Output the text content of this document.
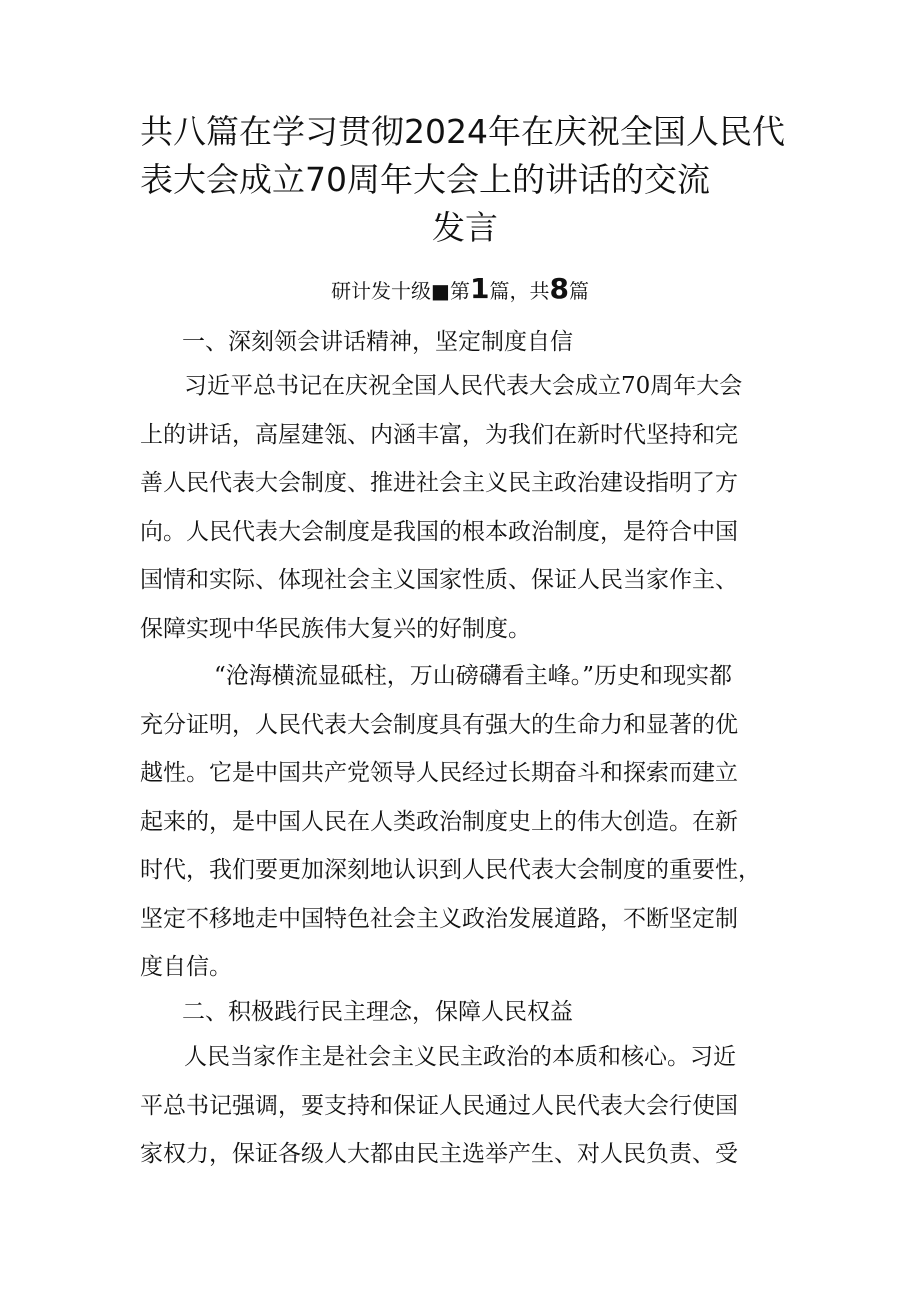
共八篇在学习贯彻2024年在庆祝全国人民代
表大会成立70周年大会上的讲话的交流
发言
研计发十级■第1篇，共8篇
一、深刻领会讲话精神，坚定制度自信

习近平总书记在庆祝全国人民代表大会成立70周年大会
上的讲话，高屋建瓴、内涵丰富，为我们在新时代坚持和完
善人民代表大会制度、推进社会主义民主政治建设指明了方
向。人民代表大会制度是我国的根本政治制度，是符合中国
国情和实际、体现社会主义国家性质、保证人民当家作主、
保障实现中华民族伟大复兴的好制度。

“沧海横流显砥柱，万山磅礴看主峰。”历史和现实都
充分证明，人民代表大会制度具有强大的生命力和显著的优
越性。它是中国共产党领导人民经过长期奋斗和探索而建立
起来的，是中国人民在人类政治制度史上的伟大创造。在新
时代，我们要更加深刻地认识到人民代表大会制度的重要性，
坚定不移地走中国特色社会主义政治发展道路，不断坚定制
度自信。

二、积极践行民主理念，保障人民权益

人民当家作主是社会主义民主政治的本质和核心。习近
平总书记强调，要支持和保证人民通过人民代表大会行使国
家权力，保证各级人大都由民主选举产生、对人民负责、受
